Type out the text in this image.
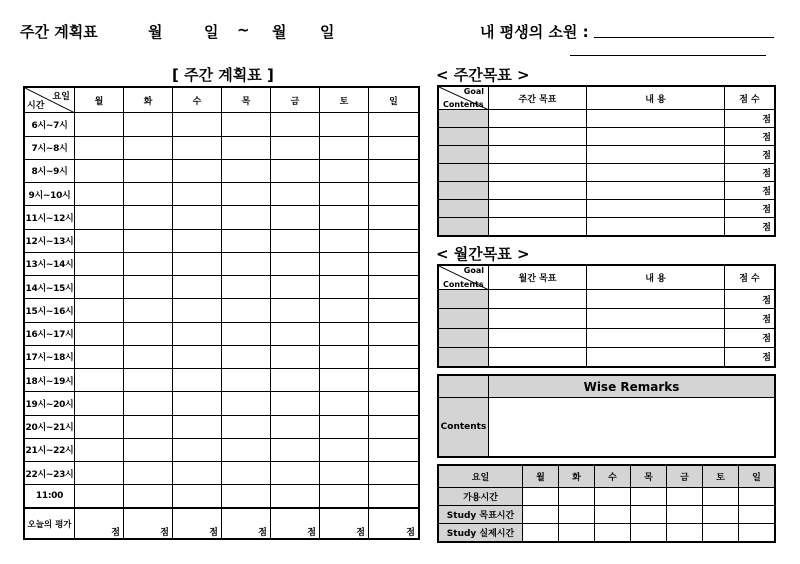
주간 계획표	월	일 ~ 월 일	내 평생의 소원 :
[ 주간 계획표 ]
요일
시간	월	화	수	목	금	토	일
6시~7시							
7시~8시							
8시~9시							
9시~10시							
11시~12시							
12시~13시							
13시~14시							
14시~15시							
15시~16시							
16시~17시							
17시~18시							
18시~19시							
19시~20시							
20시~21시							
21시~22시							
22시~23시							
11:00							
오늘의 평가	점	점	점	점	점	점	점
< 주간목표 >
Goal
Contents	주간 목표	내 용	점 수
			점
			점
			점
			점
			점
			점
			점
< 월간목표 >
Goal
Contents	월간 목표	내 용	점 수
			점
			점
			점
			점
	Wise Remarks
Contents	
요일	월	화	수	목	금	토	일
가용시간							
Study 목표시간							
Study 실제시간							
